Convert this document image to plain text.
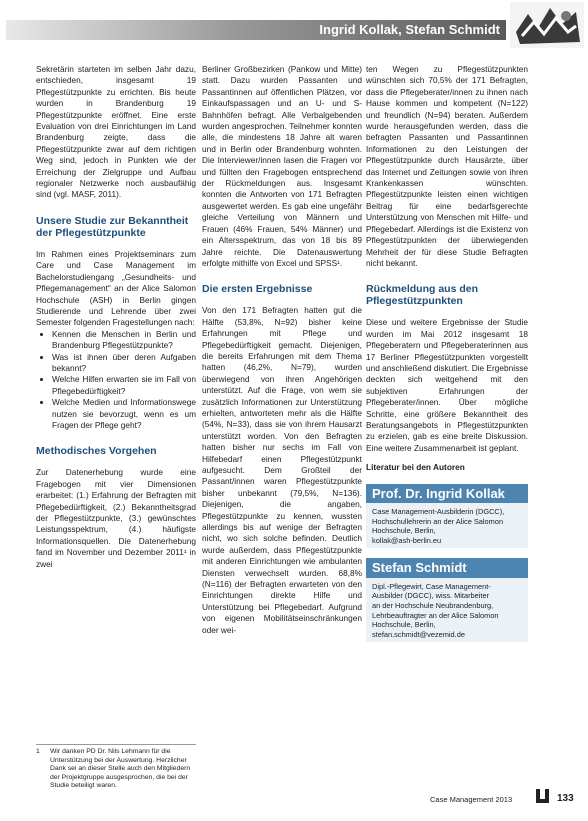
Ingrid Kollak, Stefan Schmidt

Sekretärin starteten im selben Jahr dazu, entschieden, insgesamt 19 Pflegestützpunkte zu errichten. Bis heute wurden in Brandenburg 19 Pflegestützpunkte eröffnet. Eine erste Evaluation von drei Einrichtungen im Land Brandenburg zeigte, dass die Pflegestützpunkte zwar auf dem richtigen Weg sind, jedoch in Punkten wie der Erreichung der Zielgruppe und Aufbau regionaler Netzwerke noch ausbaufähig sind (vgl. MASF, 2011).

Unsere Studie zur Bekanntheit der Pflegestützpunkte

Im Rahmen eines Projektseminars zum Care und Case Management im Bachelorstudiengang „Gesundheits- und Pflegemanagement“ an der Alice Salomon Hochschule (ASH) in Berlin gingen Studierende und Lehrende über zwei Semester folgenden Fragestellungen nach:

• Kennen die Menschen in Berlin und Brandenburg Pflegestützpunkte?
• Was ist ihnen über deren Aufgaben bekannt?
• Welche Hilfen erwarten sie im Fall von Pflegebedürftigkeit?
• Welche Medien und Informationswege nutzen sie bevorzugt, wenn es um Fragen der Pflege geht?
Methodisches Vorgehen

Zur Datenerhebung wurde eine Fragebogen mit vier Dimensionen erarbeitet: (1.) Erfahrung der Befragten mit Pflegebedürftigkeit, (2.) Bekanntheitsgrad der Pflegestützpunkte, (3.) gewünschtes Leistungsspektrum, (4.) häufigste Informationsquellen. Die Datenerhebung fand im November und Dezember 2011¹ in zwei

1	Wir danken PD Dr. Nils Lehmann für die Unterstützung bei der Auswertung. Herzlicher Dank sei an dieser Stelle auch den Mitgliedern der Projektgruppe ausgesprochen, die bei der Studie beteiligt waren.

Berliner Großbezirken (Pankow und Mitte) statt. Dazu wurden Passanten und Passantinnen auf öffentlichen Plätzen, vor Einkaufspassagen und an U- und S-Bahnhöfen befragt. Alle Verbalgebenden wurden angesprochen. Teilnehmer konnten alle, die mindestens 18 Jahre alt waren und in Berlin oder Brandenburg wohnten. Die Interviewer/innen lasen die Fragen vor und füllten den Fragebogen entsprechend der Rückmeldungen aus. Insgesamt konnten die Antworten von 171 Befragten ausgewertet werden. Es gab eine ungefähr gleiche Verteilung von Männern und Frauen (46% Frauen, 54% Männer) und ein Altersspektrum, das von 18 bis 89 Jahre reichte. Die Datenauswertung erfolgte mithilfe von Excel und SPSS¹.

Die ersten Ergebnisse

Von den 171 Befragten hatten gut die Hälfte (53,8%, N=92) bisher keine Erfahrungen mit Pflege und Pflegebedürftigkeit gemacht. Diejenigen, die bereits Erfahrungen mit dem Thema hatten (46,2%, N=79), wurden überwiegend von ihren Angehörigen unterstützt. Auf die Frage, von wem sie zusätzlich Informationen zur Unterstützung erhielten, antworteten mehr als die Hälfte (54%, N=33), dass sie von ihrem Hausarzt unterstützt worden. Von den Befragten hatten bisher nur sechs im Fall von Hilfebedarf einen Pflegestützpunkt aufgesucht. Dem Großteil der Passant/innen waren Pflegestützpunkte bisher unbekannt (79,5%, N=136). Diejenigen, die angaben, Pflegestützpunkte zu kennen, wussten allerdings bis auf wenige der Befragten nicht, wo sich solche befinden. Deutlich wurde außerdem, dass Pflegestützpunkte mit anderen Einrichtungen wie ambulanten Diensten verwechselt wurden. 68,8% (N=116) der Befragten erwarteten von den Einrichtungen direkte Hilfe und Unterstützung bei Pflegebedarf. Aufgrund von eigenen Mobilitätseinschränkungen oder wei-

ten Wegen zu Pflegestützpunkten wünschten sich 70,5% der 171 Befragten, dass die Pflegeberater/innen zu ihnen nach Hause kommen und kompetent (N=122) und freundlich (N=94) beraten. Außerdem wurde herausgefunden werden, dass die befragten Passanten und Passantinnen Informationen zu den Leistungen der Pflegestützpunkte durch Hausärzte, über das Internet und Zeitungen sowie von ihren Krankenkassen wünschten. Pflegestützpunkte leisten einen wichtigen Beitrag für eine bedarfsgerechte Unterstützung von Menschen mit Hilfe- und Pflegebedarf. Allerdings ist die Existenz von Pflegestützpunkten der überwiegenden Mehrheit der für diese Studie Befragten nicht bekannt.

Rückmeldung aus den Pflegestützpunkten

Diese und weitere Ergebnisse der Studie wurden im Mai 2012 insgesamt 18 Pflegeberatern und Pflegeberaterinnen aus 17 Berliner Pflegestützpunkten vorgestellt und anschließend diskutiert. Die Ergebnisse deckten sich weitgehend mit den subjektiven Erfahrungen der Pflegeberater/innen. Über mögliche Schritte, eine größere Bekanntheit des Beratungsangebots in Pflegestützpunkten zu erzielen, gab es eine breite Diskussion. Eine weitere Zusammenarbeit ist geplant.

Literatur bei den Autoren

Prof. Dr. Ingrid Kollak
Case Management-Ausbilderin (DGCC),
Hochschullehrerin an der Alice Salomon
Hochschule, Berlin,
kollak@ash-berlin.eu
Stefan Schmidt
Dipl.-Pflegewirt, Case Management-
Ausbilder (DGCC), wiss. Mitarbeiter
an der Hochschule Neubrandenburg,
Lehrbeauftragter an der Alice Salomon
Hochschule, Berlin,
stefan.schmidt@vezemid.de
Case Management 2013	133
